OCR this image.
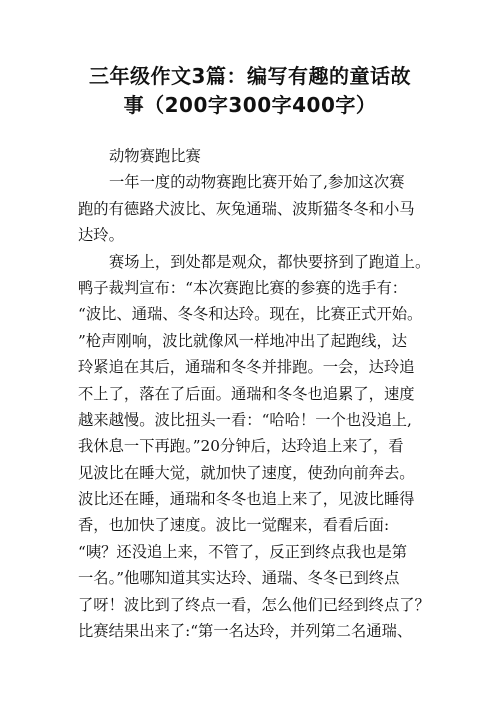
三年级作文3篇：编写有趣的童话故
事（200字300字400字）
动物赛跑比赛
一年一度的动物赛跑比赛开始了,参加这次赛
跑的有德路犬波比、灰兔通瑞、波斯猫冬冬和小马
达玲。
赛场上，到处都是观众，都快要挤到了跑道上。
鸭子裁判宣布：“本次赛跑比赛的参赛的选手有：
“波比、通瑞、冬冬和达玲。现在，比赛正式开始。
”枪声刚响，波比就像风一样地冲出了起跑线，达
玲紧追在其后，通瑞和冬冬并排跑。一会，达玲追
不上了，落在了后面。通瑞和冬冬也追累了，速度
越来越慢。波比扭头一看：“哈哈！一个也没追上,
我休息一下再跑。”20分钟后，达玲追上来了，看
见波比在睡大觉，就加快了速度，使劲向前奔去。
波比还在睡，通瑞和冬冬也追上来了，见波比睡得
香，也加快了速度。波比一觉醒来，看看后面:
“咦？还没追上来，不管了，反正到终点我也是第
一名。”他哪知道其实达玲、通瑞、冬冬已到终点
了呀！波比到了终点一看，怎么他们已经到终点了？
比赛结果出来了:“第一名达玲，并列第二名通瑞、
